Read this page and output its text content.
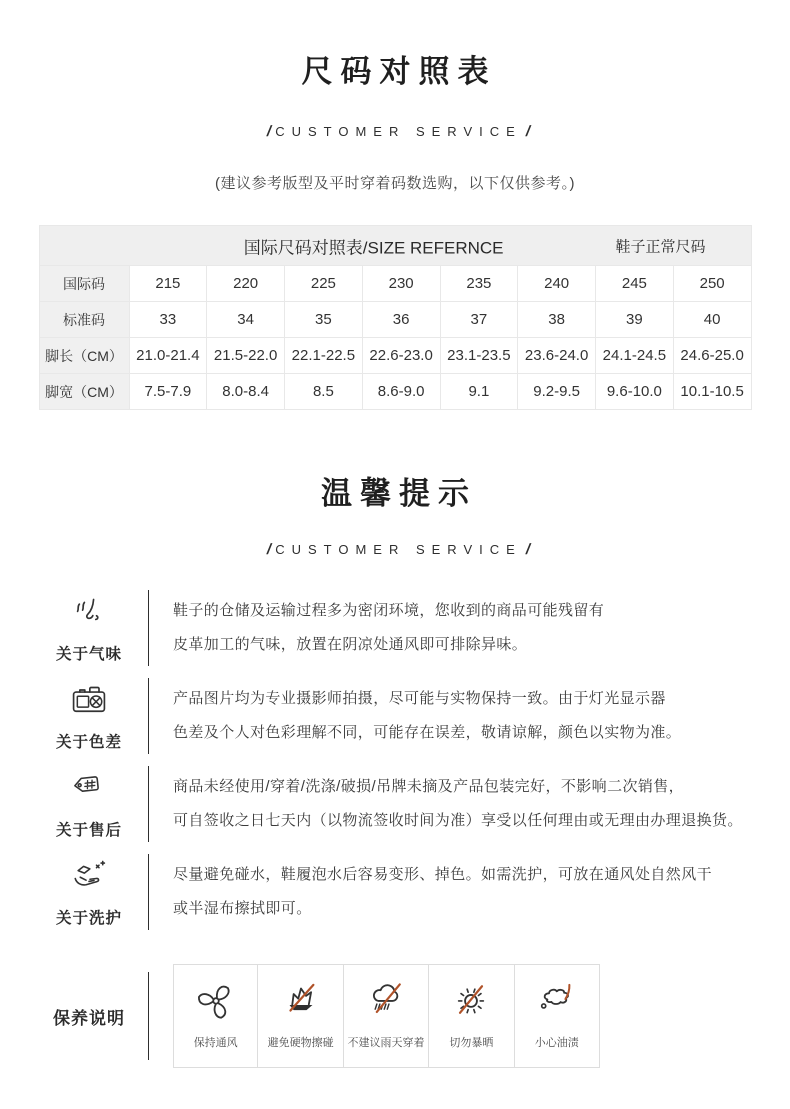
尺码对照表
/ CUSTOMER SERVICE /
(建议参考版型及平时穿着码数选购，以下仅供参考。)
国际尺码对照表/SIZE REFERNCE 鞋子正常尺码								

国际码	215	220	225	230	235	240	245	250
标准码	33	34	35	36	37	38	39	40
脚长（CM）	21.0-21.4	21.5-22.0	22.1-22.5	22.6-23.0	23.1-23.5	23.6-24.0	24.1-24.5	24.6-25.0
脚宽（CM）	7.5-7.9	8.0-8.4	8.5	8.6-9.0	9.1	9.2-9.5	9.6-10.0	10.1-10.5
温馨提示
/ CUSTOMER SERVICE /
关于气味
鞋子的仓储及运输过程多为密闭环境，您收到的商品可能残留有
皮革加工的气味，放置在阴凉处通风即可排除异味。
关于色差
产品图片均为专业摄影师拍摄，尽可能与实物保持一致。由于灯光显示器
色差及个人对色彩理解不同，可能存在误差，敬请谅解，颜色以实物为准。
关于售后
商品未经使用/穿着/洗涤/破损/吊牌未摘及产品包装完好，不影响二次销售，
可自签收之日七天内（以物流签收时间为准）享受以任何理由或无理由办理退换货。
关于洗护
尽量避免碰水，鞋履泡水后容易变形、掉色。如需洗护，可放在通风处自然风干
或半湿布擦拭即可。
保养说明
保持通风	避免硬物擦碰 不建议雨天穿着 切勿暴晒	小心油渍
